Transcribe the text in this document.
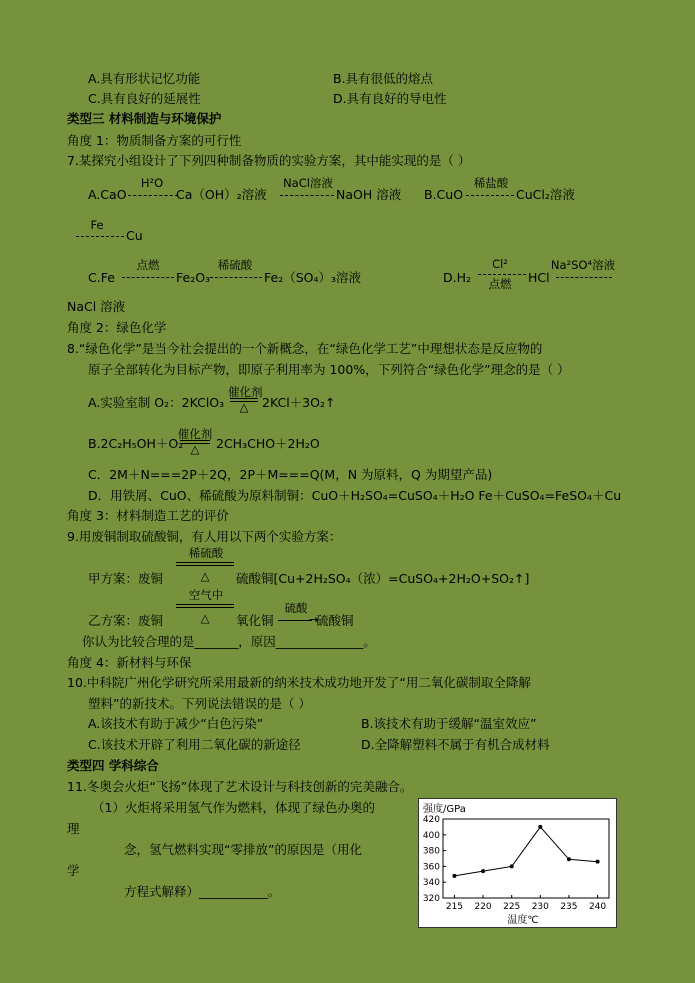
A.具有形状记忆功能	B.具有很低的熔点
C.具有良好的延展性	D.具有良好的导电性
类型三 材料制造与环境保护
角度 1：物质制备方案的可行性
7.某探究小组设计了下列四种制备物质的实验方案，其中能实现的是（ ）
A.CaO
H²O
Ca（OH）₂溶液
NaCl溶液
NaOH 溶液 B.CuO
稀盐酸
CuCl₂溶液
Fe
Cu
C.Fe
点燃
Fe₂O₃
稀硫酸
Fe₂（SO₄）₃溶液	D.H₂
Cl²
点燃	HCl
Na²SO⁴溶液
NaCl 溶液
角度 2：绿色化学
8.“绿色化学”是当今社会提出的一个新概念，在“绿色化学工艺”中理想状态是反应物的
原子全部转化为目标产物，即原子利用率为 100%，下列符合“绿色化学”理念的是（ ）
A.实验室制 O₂：2KClO₃
催化剂
△	2KCl＋3O₂↑
B.2C₂H₅OH＋O₂
催化剂
△	2CH₃CHO＋2H₂O
C．2M＋N===2P＋2Q，2P＋M===Q(M，N 为原料，Q 为期望产品)
D．用铁屑、CuO、稀硫酸为原料制铜：CuO＋H₂SO₄=CuSO₄＋H₂O Fe＋CuSO₄=FeSO₄＋Cu
角度 3：材料制造工艺的评价
9.用废铜制取硫酸铜，有人用以下两个实验方案：
稀硫酸
甲方案：废铜	△	硫酸铜[Cu+2H₂SO₄（浓）=CuSO₄+2H₂O+SO₂↑]
空气中
乙方案：废铜	△	氧化铜
硫酸
→
硫酸铜
你认为比较合理的是_______，原因______________。
角度 4：新材料与环保
10.中科院广州化学研究所采用最新的纳米技术成功地开发了“用二氧化碳制取全降解
塑料”的新技术。下列说法错误的是（ ）
A.该技术有助于减少“白色污染”	B.该技术有助于缓解“温室效应”
C.该技术开辟了利用二氧化碳的新途径	D.全降解塑料不属于有机合成材料
类型四 学科综合
11.冬奥会火炬“飞扬”体现了艺术设计与科技创新的完美融合。
（1）火炬将采用氢气作为燃料，体现了绿色办奥的
理
念，氢气燃料实现“零排放”的原因是（用化
学
方程式解释）___________。
强度/GPa
温度℃
320
340
360
380
400
420
215 220 225 230 235 240
